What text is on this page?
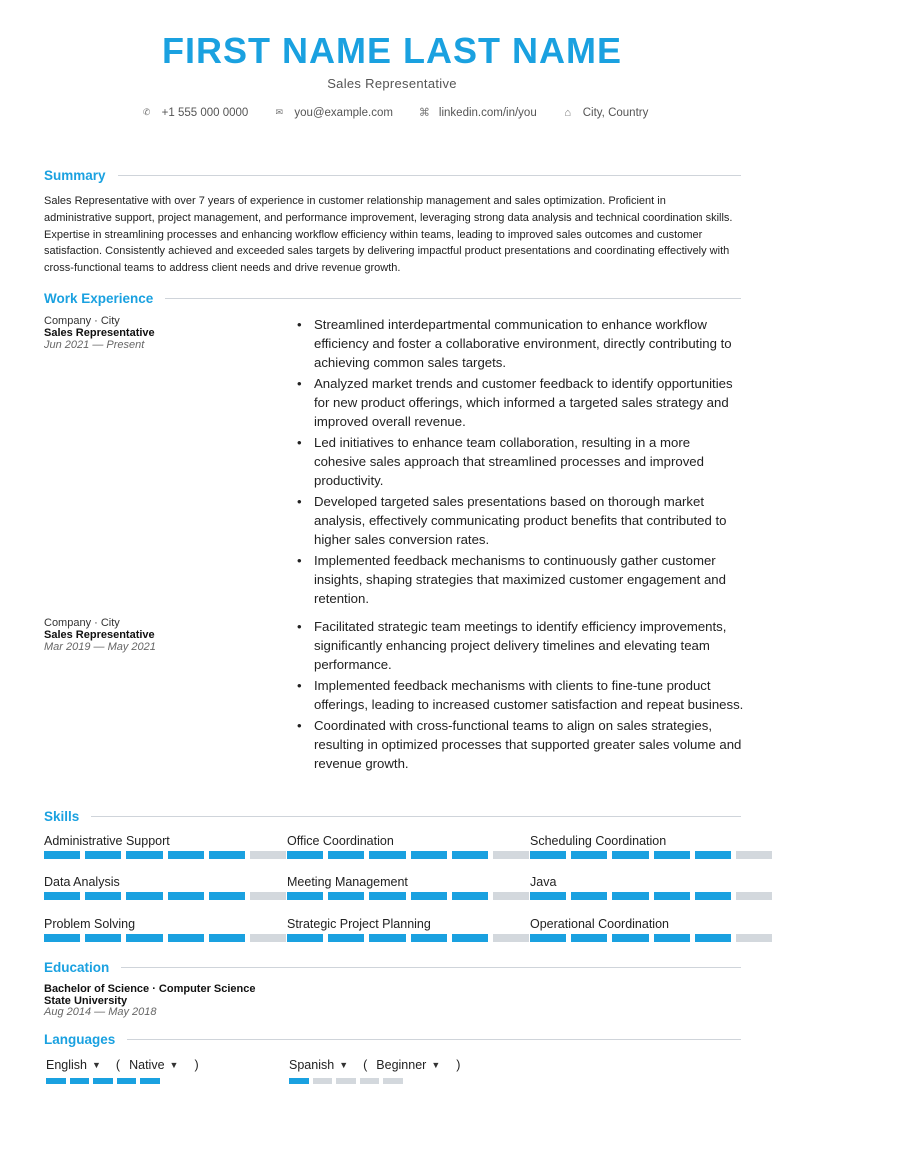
FIRST NAME LAST NAME
Sales Representative
✆ +1 555 000 0000	✉ you@example.com ⌘ linkedin.com/in/you	⌂ City, Country
Summary

Sales Representative with over 7 years of experience in customer relationship management and sales optimization. Proficient in administrative support, project management, and performance improvement, leveraging strong data analysis and technical coordination skills. Expertise in streamlining processes and enhancing workflow efficiency within teams, leading to improved sales outcomes and customer satisfaction. Consistently achieved and exceeded sales targets by delivering impactful product presentations and coordinating effectively with cross-functional teams to address client needs and drive revenue growth.

Work Experience
Company · City
Sales Representative
Jun 2021 — Present
• Streamlined interdepartmental communication to enhance workflow efficiency and foster a collaborative environment, directly contributing to achieving common sales targets.
• Analyzed market trends and customer feedback to identify opportunities for new product offerings, which informed a targeted sales strategy and improved overall revenue.
• Led initiatives to enhance team collaboration, resulting in a more cohesive sales approach that streamlined processes and improved productivity.
• Developed targeted sales presentations based on thorough market analysis, effectively communicating product benefits that contributed to higher sales conversion rates.
• Implemented feedback mechanisms to continuously gather customer insights, shaping strategies that maximized customer engagement and retention.
Company · City
Sales Representative
Mar 2019 — May 2021
• Facilitated strategic team meetings to identify efficiency improvements, significantly enhancing project delivery timelines and elevating team performance.
• Implemented feedback mechanisms with clients to fine-tune product offerings, leading to increased customer satisfaction and repeat business.
• Coordinated with cross-functional teams to align on sales strategies, resulting in optimized processes that supported greater sales volume and revenue growth.
Skills
Administrative Support	Office Coordination	Scheduling Coordination
Data Analysis	Meeting Management	Java
Problem Solving	Strategic Project Planning	Operational Coordination
Education
Bachelor of Science · Computer Science
State University
Aug 2014 — May 2018
Languages
English ▼ ( Native ▼ )	Spanish ▼ ( Beginner ▼ )
